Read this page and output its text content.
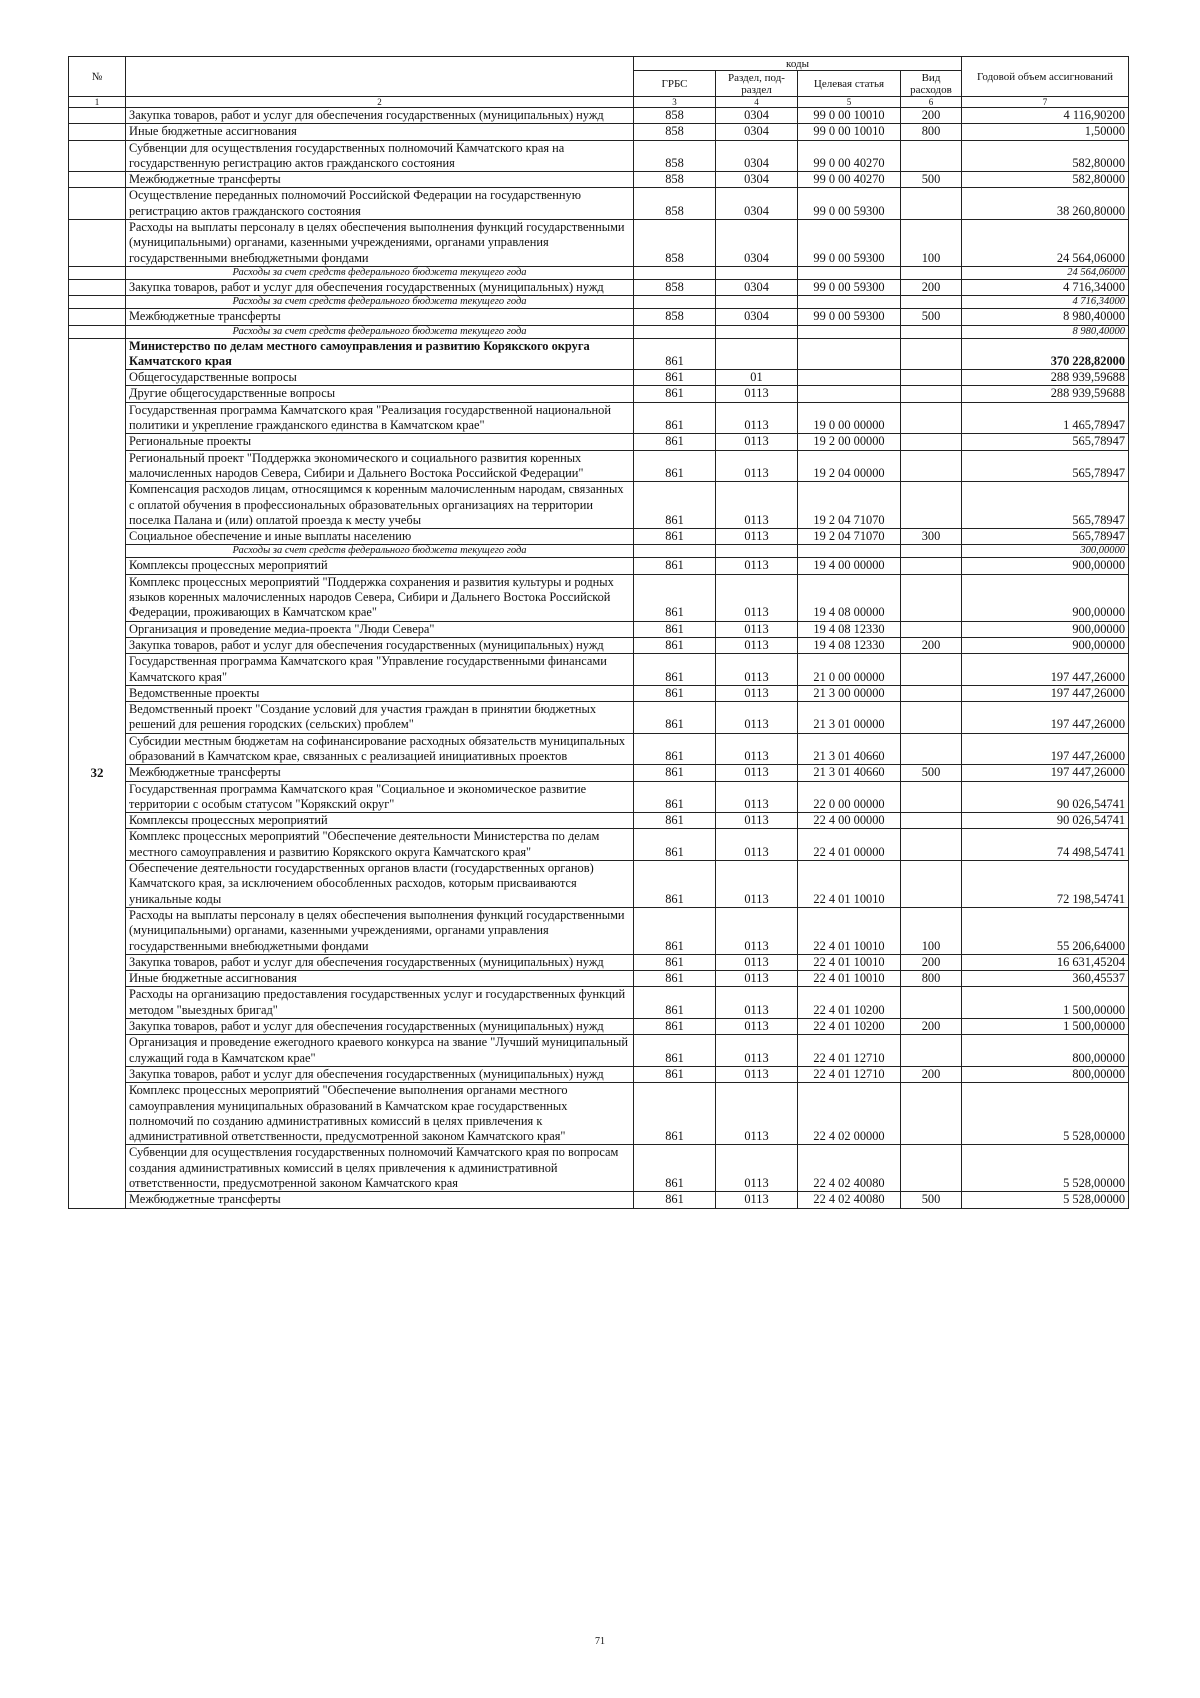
№		коды				Годовой объем ассигнований
		ГРБС	Раздел, под-раздел	Целевая статья	Вид расходов	
1	2	3	4	5	6	7
	Закупка товаров, работ и услуг для обеспечения государственных (муниципальных) нужд	858	0304	99 0 00 10010	200	4 116,90200
	Иные бюджетные ассигнования	858	0304	99 0 00 10010	800	1,50000
	Субвенции для осуществления государственных полномочий Камчатского края на государственную регистрацию актов гражданского состояния	858	0304	99 0 00 40270		582,80000
	Межбюджетные трансферты	858	0304	99 0 00 40270	500	582,80000
	Осуществление переданных полномочий Российской Федерации на государственную регистрацию актов гражданского состояния	858	0304	99 0 00 59300		38 260,80000
	Расходы на выплаты персоналу в целях обеспечения выполнения функций государственными (муниципальными) органами, казенными учреждениями, органами управления государственными внебюджетными фондами	858	0304	99 0 00 59300	100	24 564,06000
	Расходы за счет средств федерального бюджета текущего года					24 564,06000
	Закупка товаров, работ и услуг для обеспечения государственных (муниципальных) нужд	858	0304	99 0 00 59300	200	4 716,34000
	Расходы за счет средств федерального бюджета текущего года					4 716,34000
	Межбюджетные трансферты	858	0304	99 0 00 59300	500	8 980,40000
	Расходы за счет средств федерального бюджета текущего года					8 980,40000
32	Министерство по делам местного самоуправления и развитию Корякского округа Камчатского края	861				370 228,82000
	Общегосударственные вопросы	861	01			288 939,59688
	Другие общегосударственные вопросы	861	0113			288 939,59688
	Государственная программа Камчатского края "Реализация государственной национальной политики и укрепление гражданского единства в Камчатском крае"	861	0113	19 0 00 00000		1 465,78947
	Региональные проекты	861	0113	19 2 00 00000		565,78947
	Региональный проект "Поддержка экономического и социального развития коренных малочисленных народов Севера, Сибири и Дальнего Востока Российской Федерации"	861	0113	19 2 04 00000		565,78947
	Компенсация расходов лицам, относящимся к коренным малочисленным народам, связанных с оплатой обучения в профессиональных образовательных организациях на территории поселка Палана и (или) оплатой проезда к месту учебы	861	0113	19 2 04 71070		565,78947
	Социальное обеспечение и иные выплаты населению	861	0113	19 2 04 71070	300	565,78947
	Расходы за счет средств федерального бюджета текущего года					300,00000
	Комплексы процессных мероприятий	861	0113	19 4 00 00000		900,00000
	Комплекс процессных мероприятий "Поддержка сохранения и развития культуры и родных языков коренных малочисленных народов Севера, Сибири и Дальнего Востока Российской Федерации, проживающих в Камчатском крае"	861	0113	19 4 08 00000		900,00000
	Организация и проведение медиа-проекта "Люди Севера"	861	0113	19 4 08 12330		900,00000
	Закупка товаров, работ и услуг для обеспечения государственных (муниципальных) нужд	861	0113	19 4 08 12330	200	900,00000
	Государственная программа Камчатского края "Управление государственными финансами Камчатского края"	861	0113	21 0 00 00000		197 447,26000
	Ведомственные проекты	861	0113	21 3 00 00000		197 447,26000
	Ведомственный проект "Создание условий для участия граждан в принятии бюджетных решений для решения городских (сельских) проблем"	861	0113	21 3 01 00000		197 447,26000
	Субсидии местным бюджетам на софинансирование расходных обязательств муниципальных образований в Камчатском крае, связанных с реализацией инициативных проектов	861	0113	21 3 01 40660		197 447,26000
	Межбюджетные трансферты	861	0113	21 3 01 40660	500	197 447,26000
	Государственная программа Камчатского края "Социальное и экономическое развитие территории с особым статусом "Корякский округ"	861	0113	22 0 00 00000		90 026,54741
	Комплексы процессных мероприятий	861	0113	22 4 00 00000		90 026,54741
	Комплекс процессных мероприятий "Обеспечение деятельности Министерства по делам местного самоуправления и развитию Корякского округа Камчатского края"	861	0113	22 4 01 00000		74 498,54741
	Обеспечение деятельности государственных органов власти (государственных органов) Камчатского края, за исключением обособленных расходов, которым присваиваются уникальные коды	861	0113	22 4 01 10010		72 198,54741
	Расходы на выплаты персоналу в целях обеспечения выполнения функций государственными (муниципальными) органами, казенными учреждениями, органами управления государственными внебюджетными фондами	861	0113	22 4 01 10010	100	55 206,64000
	Закупка товаров, работ и услуг для обеспечения государственных (муниципальных) нужд	861	0113	22 4 01 10010	200	16 631,45204
	Иные бюджетные ассигнования	861	0113	22 4 01 10010	800	360,45537
	Расходы на организацию предоставления государственных услуг и государственных функций методом "выездных бригад"	861	0113	22 4 01 10200		1 500,00000
	Закупка товаров, работ и услуг для обеспечения государственных (муниципальных) нужд	861	0113	22 4 01 10200	200	1 500,00000
	Организация и проведение ежегодного краевого конкурса на звание "Лучший муниципальный служащий года в Камчатском крае"	861	0113	22 4 01 12710		800,00000
	Закупка товаров, работ и услуг для обеспечения государственных (муниципальных) нужд	861	0113	22 4 01 12710	200	800,00000
	Комплекс процессных мероприятий "Обеспечение выполнения органами местного самоуправления муниципальных образований в Камчатском крае государственных полномочий по созданию административных комиссий в целях привлечения к административной ответственности, предусмотренной законом Камчатского края"	861	0113	22 4 02 00000		5 528,00000
	Субвенции для осуществления государственных полномочий Камчатского края по вопросам создания административных комиссий в целях привлечения к административной ответственности, предусмотренной законом Камчатского края	861	0113	22 4 02 40080		5 528,00000
	Межбюджетные трансферты	861	0113	22 4 02 40080	500	5 528,00000
71
